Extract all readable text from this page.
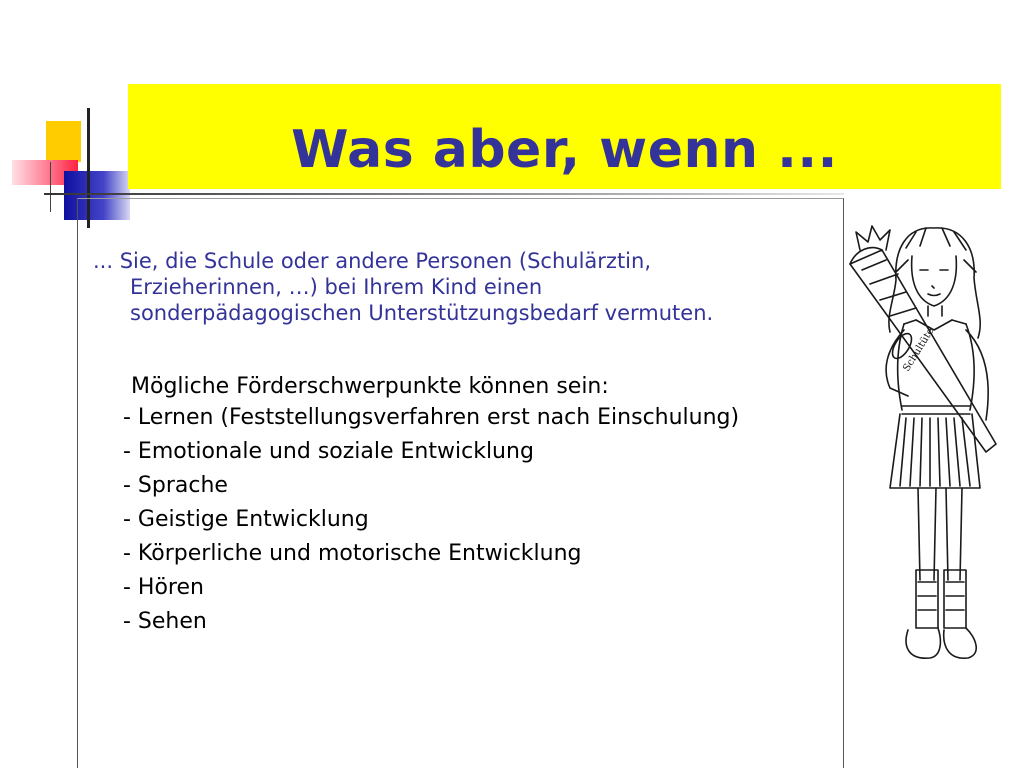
Was aber, wenn ...
... Sie, die Schule oder andere Personen (Schulärztin,
Erzieherinnen, …) bei Ihrem Kind einen
sonderpädagogischen Unterstützungsbedarf vermuten.
Mögliche Förderschwerpunkte können sein:
- Lernen (Feststellungsverfahren erst nach Einschulung)
- Emotionale und soziale Entwicklung
- Sprache
- Geistige Entwicklung
- Körperliche und motorische Entwicklung
- Hören
- Sehen
Schultüte
